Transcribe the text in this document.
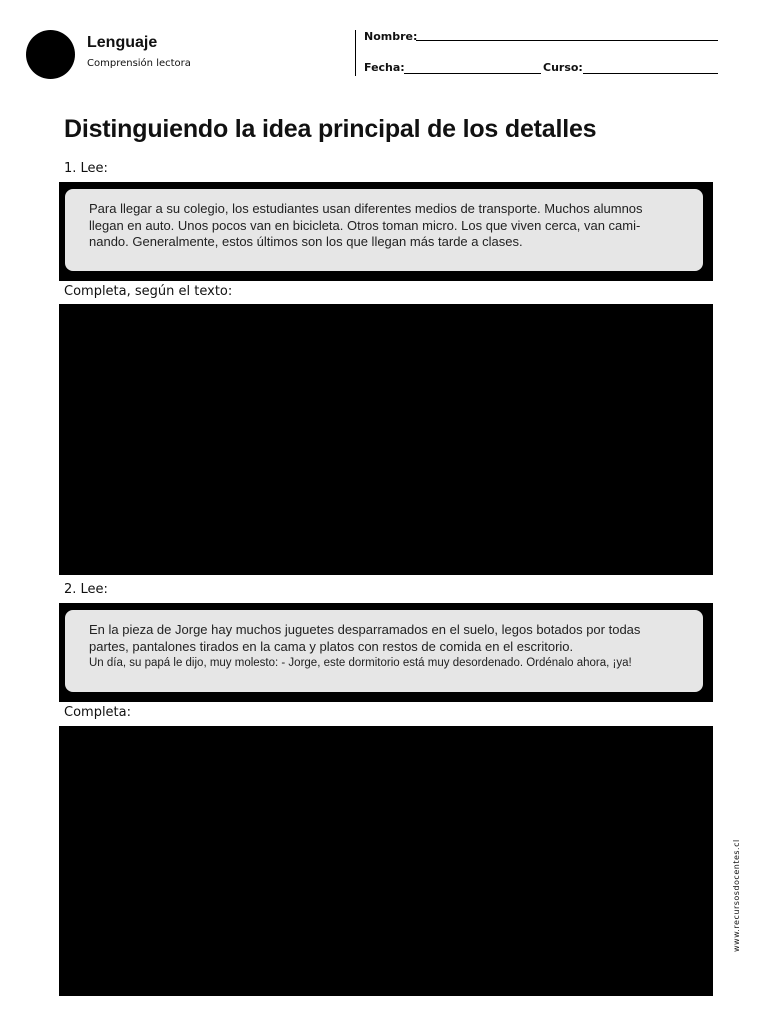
Lenguaje
Comprensión lectora
Nombre:
Fecha:	Curso:
Distinguiendo la idea principal de los detalles
1. Lee:
Para llegar a su colegio, los estudiantes usan diferentes medios de transporte. Muchos alumnos llegan en auto. Unos pocos van en bicicleta. Otros toman micro. Los que viven cerca, van cami-nando. Generalmente, estos últimos son los que llegan más tarde a clases.
Completa, según el texto:
2. Lee:
En la pieza de Jorge hay muchos juguetes desparramados en el suelo, legos botados por todas partes, pantalones tirados en la cama y platos con restos de comida en el escritorio.
Un día, su papá le dijo, muy molesto: - Jorge, este dormitorio está muy desordenado. Ordénalo ahora, ¡ya!
Completa:
www.recursosdocentes.cl
